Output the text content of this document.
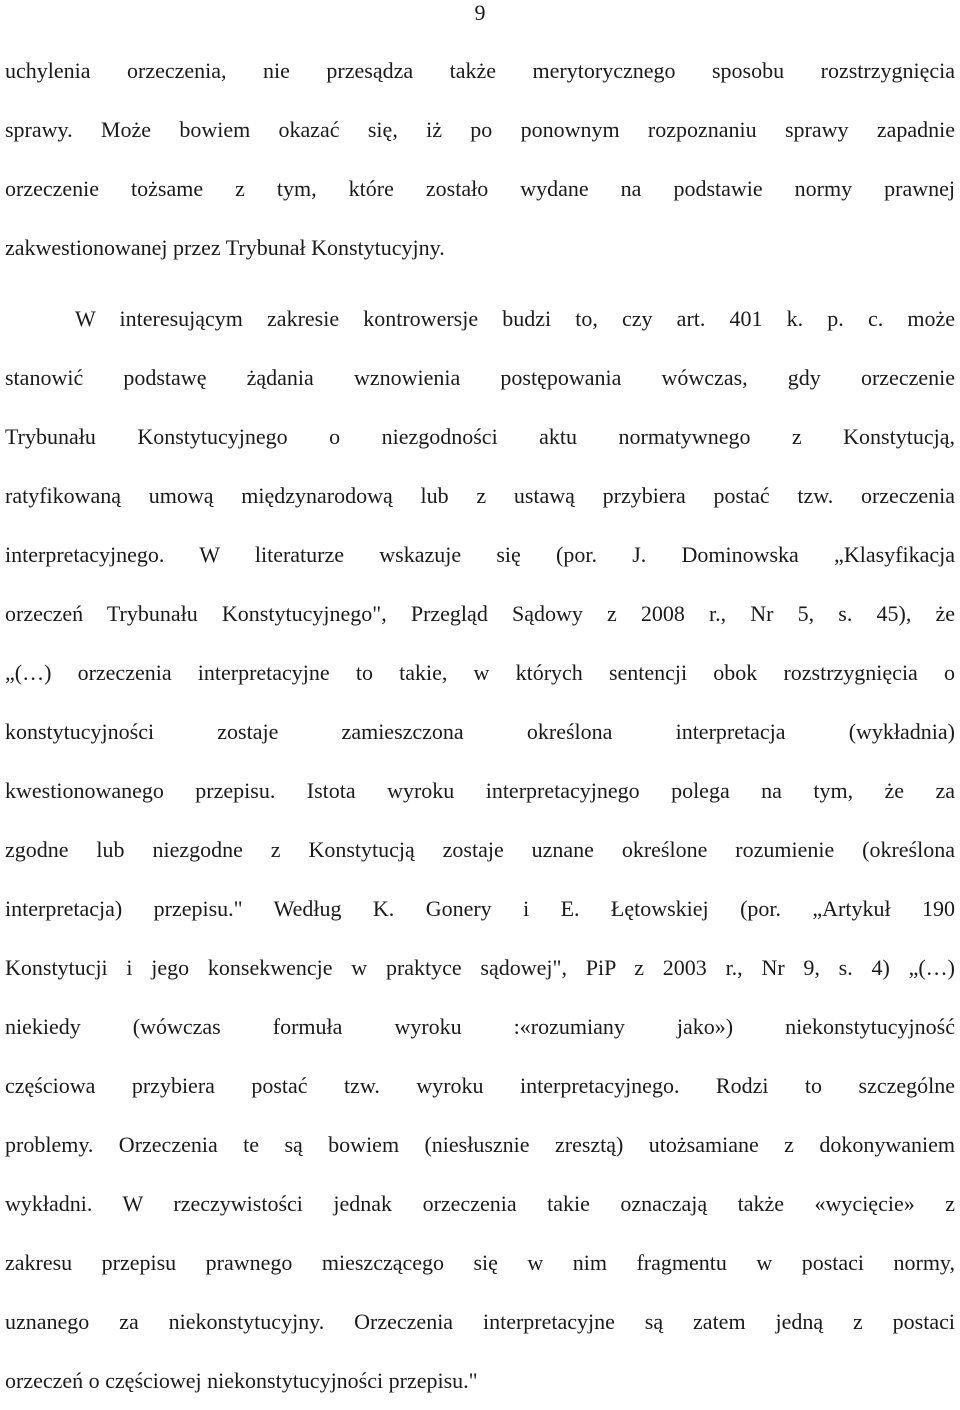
9
uchylenia orzeczenia, nie przesądza także merytorycznego sposobu rozstrzygnięcia
sprawy. Może bowiem okazać się, iż po ponownym rozpoznaniu sprawy zapadnie
orzeczenie tożsame z tym, które zostało wydane na podstawie normy prawnej
zakwestionowanej przez Trybunał Konstytucyjny.
W interesującym zakresie kontrowersje budzi to, czy art. 401 k. p. c. może
stanowić podstawę żądania wznowienia postępowania wówczas, gdy orzeczenie
Trybunału Konstytucyjnego o niezgodności aktu normatywnego z Konstytucją,
ratyfikowaną umową międzynarodową lub z ustawą przybiera postać tzw. orzeczenia
interpretacyjnego. W literaturze wskazuje się (por. J. Dominowska „Klasyfikacja
orzeczeń Trybunału Konstytucyjnego", Przegląd Sądowy z 2008 r., Nr 5, s. 45), że
„(…) orzeczenia interpretacyjne to takie, w których sentencji obok rozstrzygnięcia o
konstytucyjności zostaje zamieszczona określona interpretacja (wykładnia)
kwestionowanego przepisu. Istota wyroku interpretacyjnego polega na tym, że za
zgodne lub niezgodne z Konstytucją zostaje uznane określone rozumienie (określona
interpretacja) przepisu." Według K. Gonery i E. Łętowskiej (por. „Artykuł 190
Konstytucji i jego konsekwencje w praktyce sądowej", PiP z 2003 r., Nr 9, s. 4) „(…)
niekiedy (wówczas formuła wyroku :«rozumiany jako») niekonstytucyjność
częściowa przybiera postać tzw. wyroku interpretacyjnego. Rodzi to szczególne
problemy. Orzeczenia te są bowiem (niesłusznie zresztą) utożsamiane z dokonywaniem
wykładni. W rzeczywistości jednak orzeczenia takie oznaczają także «wycięcie» z
zakresu przepisu prawnego mieszczącego się w nim fragmentu w postaci normy,
uznanego za niekonstytucyjny. Orzeczenia interpretacyjne są zatem jedną z postaci
orzeczeń o częściowej niekonstytucyjności przepisu."
